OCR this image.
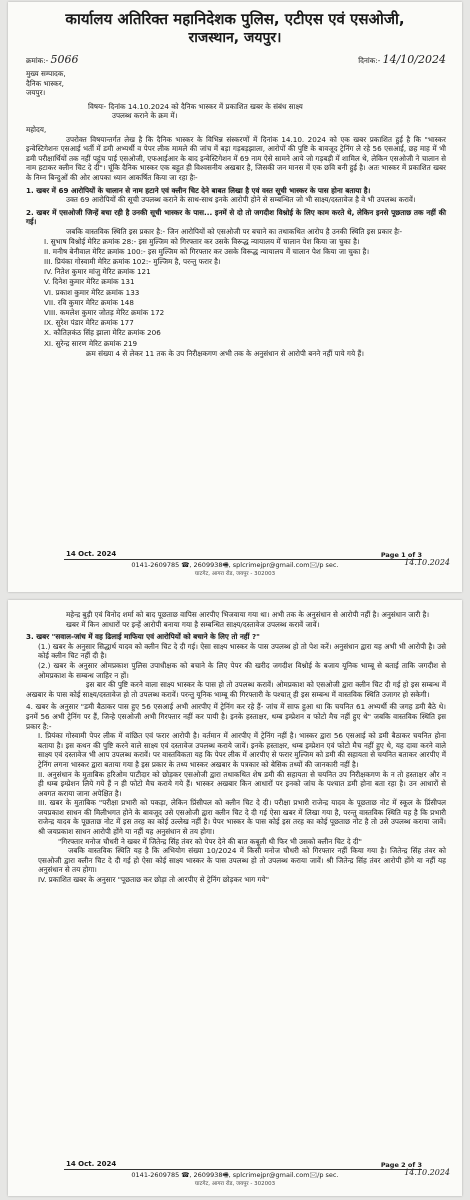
कार्यालय अतिरिक्त महानिदेशक पुलिस, एटीएस एवं एसओजी,
राजस्थान, जयपुर।
क्रमांक:- 5066	दिनांक:- 14/10/2024
मुख्य सम्पादक,
दैनिक भास्कर,
जयपुर।
विषयः- दिनांक 14.10.2024 को दैनिक भास्कर में प्रकाशित खबर के संबंध साक्ष्य
उपलब्ध कराने के क्रम में।
महोदय,
उपरोक्त विषयान्तर्गत लेख है कि दैनिक भास्कर के विभिन्न संस्करणों में दिनांक 14.10. 2024 को एक खबर प्रकाशित हुई है कि "भास्कर इन्वेस्टिगेशनः एसआई भर्ती में डमी अभ्यर्थी व पेपर लीक मामले की जांच में बड़ा गड़बड़झाला, आरोपों की पुष्टि के बावजूद ट्रेनिंग ले रहे 56 एसआई, छह माह में भी डमी परीक्षार्थियों तक नहीं पहुंच पाई एसओजी, एफआईआर के बाद इन्वेस्टिगेशन में 69 नाम ऐसे सामने आये जो गड़बड़ी में शामिल थे, लेकिन एसओजी ने चालान से नाम हटाकर क्लीन चिट दे दी"। चूंकि दैनिक भास्कर एक बहुत ही विश्वसनीय अखबार है, जिसकी जन मानस में एक छवि बनी हुई है। अतः भास्कर में प्रकाशित खबर के निम्न बिन्दुओं की ओर आपका ध्यान आकर्षित किया जा रहा हैः-
1. खबर में 69 आरोपियों के चालान से नाम हटाने एवं क्लीन चिट देने बाबत लिखा है एवं वस्त सूची भास्कर के पास होना बताया है।
उक्त 69 आरोपियों की सूची उपलब्ध कराने के साथ-साथ इनके आरोपी होने से सम्बन्धित जो भी साक्ष्य/दस्तावेज है वे भी उपलब्ध करावें।
2. खबर में एसओजी जिन्हें बचा रही है उनकी सूची भास्कर के पास... इनमें से दो तो जगदीश विश्नोई के लिए काम करते थे, लेकिन इनसे पूछताछ तक नहीं की गई।
जबकि वास्तविक स्थिति इस प्रकार है:- जिन आरोपियों को एसओजी पर बचाने का तथाकथित आरोप है उनकी स्थिति इस प्रकार हैः-
I. सुभाष विश्नोई मेरिट क्रमांक 28:- इस मुल्जिम को गिरफ्तार कर उसके विरूद्ध न्यायालय में चालान पेश किया जा चुका है।
II. मनीष बेनीवाल मेरिट क्रमांक 100:- इस मुल्जिम को गिरफ्तार कर उसके विरूद्ध न्यायालय में चालान पेश किया जा चुका है।
III. प्रियंका गोस्वामी मेरिट क्रमांक 102:- मुल्जिम है, परन्तु फरार है।
IV. नितेश कुमार मांजु मेरिट क्रमांक 121
V. दिनेश कुमार मेरिट क्रमांक 131
VI. प्रकाश कुमार मेरिट क्रमांक 133
VII. रवि कुमार मेरिट क्रमांक 148
VIII. कमलेश कुमार जोतड़ मेरिट क्रमांक 172
IX. सुरेश पंडार मेरिट क्रमांक 177
X. कौतिज्ञकंठ सिंह झाला मेरिट क्रमांक 206
XI. सुरेन्द्र सारण मेरिट क्रमांक 219
क्रम संख्या 4 से लेकर 11 तक के उप निरीक्षकगण अभी तक के अनुसंधान से आरोपी बनने नहीं पाये गये हैं।
14 Oct. 2024	Page 1 of 3
0141-2609785 ☎, 2609938🖷, splcrimejpr@gmail.com🖂/p sec.
घाटगेट, आगरा रोड, जयपुर - 302003
14.10.2024
महेन्द्र बुड़ी एवं विनोद शर्मा को बाद पूछताछ वापिस आरपीए भिजवाया गया था। अभी तक के अनुसंधान से आरोपी नहीं है। अनुसंधान जारी है।
खबर में किन आधारों पर इन्हें आरोपी बनाया गया है सम्बन्धित साक्ष्य/दस्तावेज उपलब्ध करावें जावें।
3. खबर "सवाल-जांच में वह ढिलाई माफिया एवं आरोपियों को बचाने के लिए तो नहीं ?"
(1.) खबर के अनुसार सिद्धार्थ यादव को क्लीन चिट दे दी गई। ऐसा साक्ष्य भास्कर के पास उपलब्ध हो तो पेश करें। अनुसंधान द्वारा यह अभी भी आरोपी है। उसे कोई क्लीन चिट नहीं दी है।
(2.) खबर के अनुसार ओमप्रकाश पुलिस उपाधीक्षक को बचाने के लिए पेपर की खरीद जगदीश विश्नोई के बजाय यूनिक भाम्बू से बताई ताकि जगदीश से ओमप्रकाश के सम्बन्ध जाहिर न हों।
इस बार की पुष्टि करने वाला साक्ष्य भास्कर के पास हो तो उपलब्ध करावें। ओमप्रकाश को एसओजी द्वारा क्लीन चिट दी गई हो इस सम्बन्ध में अखबार के पास कोई साक्ष्य/दस्तावेज हो तो उपलब्ध करावें। परन्तु यूनिक भाम्बू की गिरफ्तारी के पश्चात् ही इस सम्बन्ध में वास्तविक स्थिति उजागर हो सकेगी।
4. खबर के अनुसार "डमी बैठाकर पास हुए 56 एसआई अभी आरपीए में ट्रेनिंग कर रहे हैं- जांच में साफ हुआ था कि चयनित 61 अभ्यर्थी की जगह डमी बैठे थे। इनमें 56 अभी ट्रेनिंग पर हैं, जिन्हे एसओजी अभी गिरफ्तार नहीं कर पायी है। इनके हस्ताक्षर, थम्ब इम्प्रेशन व फोटो मैच नहीं हुए थे" जबकि वास्तविक स्थिति इस प्रकार है:-
I. प्रियंका गोस्वामी पेपर लीक में वांछित एवं फरार आरोपी है। वर्तमान में आरपीए में ट्रेनिंग नहीं है। भास्कर द्वारा 56 एसआई को डमी बैठाकर चयनित होना बताया है। इस कथन की पुष्टि करने वाले साक्ष्य एवं दस्तावेज उपलब्ध कराये जावें। इनके हस्ताक्षर, थम्ब इम्प्रेशन एवं फोटो मैच नहीं हुए थे, यह दावा करने वाले साक्ष्य एवं दस्तावेज भी आप उपलब्ध करावें। पर वास्तविकता यह कि पेपर लीक में आरपीए से फरार मुल्जिम को डमी की सहायता से चयनित बताकर आरपीए में ट्रेनिंग लगना भास्कर द्वारा बताया गया है इस प्रकार के तथ्य भास्कर अखबार के पत्रकार को बेसिक तथ्यों की जानकारी नहीं है।
II. अनुसंधान के मुताबिक हरिओम पाटीदार को छोड़कर एसओजी द्वारा तथाकथित शेष डमी की सहायता से चयनित उप निरीक्षकगण के न तो हस्ताक्षर और न ही थम्ब इम्प्रेशन लिये गये हैं न ही फोटो मैच कराये गये हैं। भास्कर अखबार किन आधारों पर इनको जांच के पश्चात डमी होना बता रहा है। उन आधारों से अवगत कराया जाना अपेक्षित है।
III. खबर के मुताबिक "परीक्षा प्रभारी को पकड़ा, लेकिन प्रिंसीपल को क्लीन चिट दे दी। परीक्षा प्रभारी राजेन्द्र यादव के पूछताछ नोट में स्कूल के प्रिंसीपल जयप्रकाश साधन की मिलीभगत होने के बावजूद उसे एसओजी द्वारा क्लीन चिट दे दी गई ऐसा खबर में लिखा गया है, परन्तु वास्तविक स्थिति यह है कि प्रभारी राजेन्द्र यादव के पूछताछ नोट में इस तरह का कोई उल्लेख नहीं है। पेपर भास्कर के पास कोई इस तरह का कोई पूछताछ नोट है तो उसे उपलब्ध कराया जावें। श्री जयप्रकाश साधन आरोपी होंगे या नहीं यह अनुसंधान से तय होगा।
"गिरफ्तार मनोज चौधरी ने खबर में जितेन्द्र सिंह तंवर को पेपर देने की बात कबूली थी फिर भी उसको क्लीन चिट दे दी"
जबकि वास्तविक स्थिति यह है कि अभियोग संख्या 10/2024 में किसी मनोज चौधरी को गिरफ्तार नहीं किया गया है। जितेन्द्र सिंह तंवर को एसओजी द्वारा क्लीन चिट दे दी गई हो ऐसा कोई साक्ष्य भास्कर के पास उपलब्ध हो तो उपलब्ध कराया जावें। श्री जितेन्द्र सिंह तंवर आरोपी होंगे या नहीं यह अनुसंधान से तय होगा।
IV. प्रकाशित खबर के अनुसार "पूछताछ कर छोड़ा तो आरपीए से ट्रेनिंग छोड़कर भाग गये"
14 Oct. 2024	Page 2 of 3
0141-2609785 ☎, 2609938🖷, splcrimejpr@gmail.com🖂/p sec.
घाटगेट, आगरा रोड, जयपुर - 302003
14.10.2024
